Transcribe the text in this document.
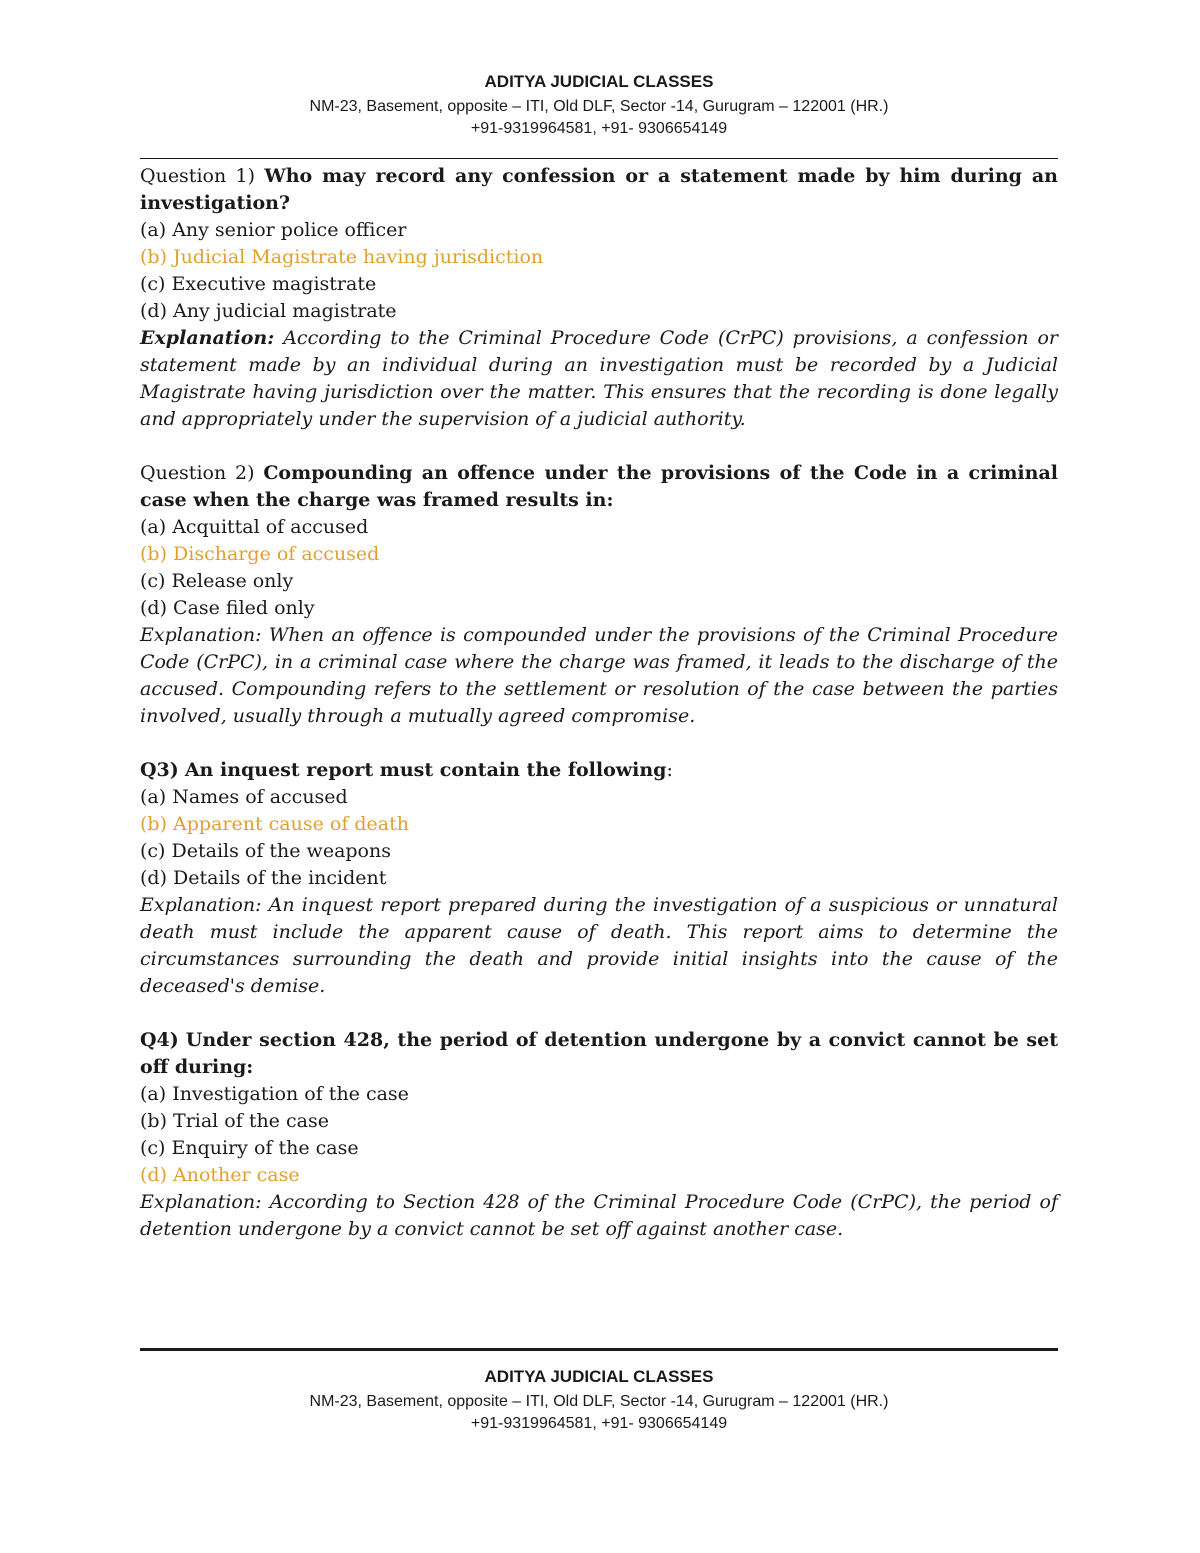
ADITYA JUDICIAL CLASSES
NM-23, Basement, opposite – ITI, Old DLF, Sector -14, Gurugram – 122001 (HR.)
+91-9319964581, +91- 9306654149

Question 1) Who may record any confession or a statement made by him during an investigation?

(a) Any senior police officer

(b) Judicial Magistrate having jurisdiction

(c) Executive magistrate

(d) Any judicial magistrate

Explanation: According to the Criminal Procedure Code (CrPC) provisions, a confession or statement made by an individual during an investigation must be recorded by a Judicial Magistrate having jurisdiction over the matter. This ensures that the recording is done legally and appropriately under the supervision of a judicial authority.

Question 2) Compounding an offence under the provisions of the Code in a criminal case when the charge was framed results in:

(a) Acquittal of accused

(b) Discharge of accused

(c) Release only

(d) Case filed only

Explanation: When an offence is compounded under the provisions of the Criminal Procedure Code (CrPC), in a criminal case where the charge was framed, it leads to the discharge of the accused. Compounding refers to the settlement or resolution of the case between the parties involved, usually through a mutually agreed compromise.

Q3) An inquest report must contain the following:

(a) Names of accused

(b) Apparent cause of death

(c) Details of the weapons

(d) Details of the incident

Explanation: An inquest report prepared during the investigation of a suspicious or unnatural death must include the apparent cause of death. This report aims to determine the circumstances surrounding the death and provide initial insights into the cause of the deceased's demise.

Q4) Under section 428, the period of detention undergone by a convict cannot be set off during:

(a) Investigation of the case

(b) Trial of the case

(c) Enquiry of the case

(d) Another case

Explanation: According to Section 428 of the Criminal Procedure Code (CrPC), the period of detention undergone by a convict cannot be set off against another case.

ADITYA JUDICIAL CLASSES
NM-23, Basement, opposite – ITI, Old DLF, Sector -14, Gurugram – 122001 (HR.)
+91-9319964581, +91- 9306654149
